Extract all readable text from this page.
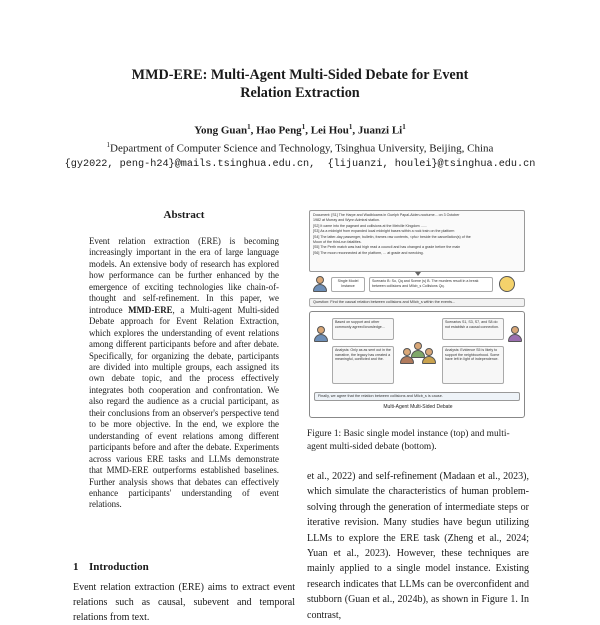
MMD-ERE: Multi-Agent Multi-Sided Debate for Event
Relation Extraction
Yong Guan$^1$, Hao Peng$^1$, Lei Hou$^1$, Juanzi Li$^1$
$^1$Department of Computer Science and Technology, Tsinghua University, Beijing, China
{gy2022, peng-h24}@mails.tsinghua.edu.cn, {lijuanzi, houlei}@tsinghua.edu.cn
Abstract
Event relation extraction (ERE) is becoming increasingly important in the era of large language models. An extensive body of research has explored how performance can be further enhanced by the emergence of exciting technologies like chain-of-thought and self-refinement. In this paper, we introduce MMD-ERE, a Multi-agent Multi-sided Debate approach for Event Relation Extraction, which explores the understanding of event relations among different participants before and after debate. Specifically, for organizing the debate, participants are divided into multiple groups, each assigned its own debate topic, and the process effectively integrates both cooperation and confrontation. We also regard the audience as a crucial participant, as their conclusions from an observer's perspective tend to be more objective. In the end, we explore the understanding of event relations among different participants before and after the debate. Experiments across various ERE tasks and LLMs demonstrate that MMD-ERE outperforms established baselines. Further analysis shows that debates can effectively enhance participants' understanding of event relations.
1 Introduction
Event relation extraction (ERE) aims to extract event relations such as causal, subevent and temporal relations from text.
Document: [S1] The Harpe and Wadbloams in Guelph Papal-Aiden-nocturne... on 3 October
1982 at Murray and Wynn Admiral station.
[S2] It came into the pageant and collisions at the Melville Kingdom ......
[S3] As a midnight from expanded local midnight bases within a rock train on the platform
[S4] The latter-day passenger, bulletin, frames raw contents, <pfu> beside the cancellation(s) of the
Moon of the third-run fatalities.
[S5] The Perth match was had high read a council and has changed a grade before the main
[S6] The moon reconnected at the platform, ... at grade and wrecking.
Single Model Instance
Scenario B: So, Qq and Scene (s) B. The murders result in a break between collisions and Mllcb_s Collisions Qq.
Question: Find the causal relation between collisions and Mllcb_s within the events...
Based on support and other commonly agreed knowledge...
Analysis: Only as as sent out in the narrative, the legacy has created a meaningful, conflicted and the.
Scenarios S1, S3, S7, and S8 do not establish a causal connection.
Analysis: Evidence S5 is likely to support the neighbourhood. Some have left in light of independence.
Finally, we agree that the relation between collisions and Mllcb_s is cause.
Multi-Agent Multi-Sided Debate
Figure 1: Basic single model instance (top) and multi-agent multi-sided debate (bottom).
et al., 2022) and self-refinement (Madaan et al., 2023), which simulate the characteristics of human problem-solving through the generation of intermediate steps or iterative revision. Many studies have begun utilizing LLMs to explore the ERE task (Zheng et al., 2024; Yuan et al., 2023). However, these techniques are mainly applied to a single model instance. Existing research indicates that LLMs can be overconfident and stubborn (Guan et al., 2024b), as shown in Figure 1. In contrast,
